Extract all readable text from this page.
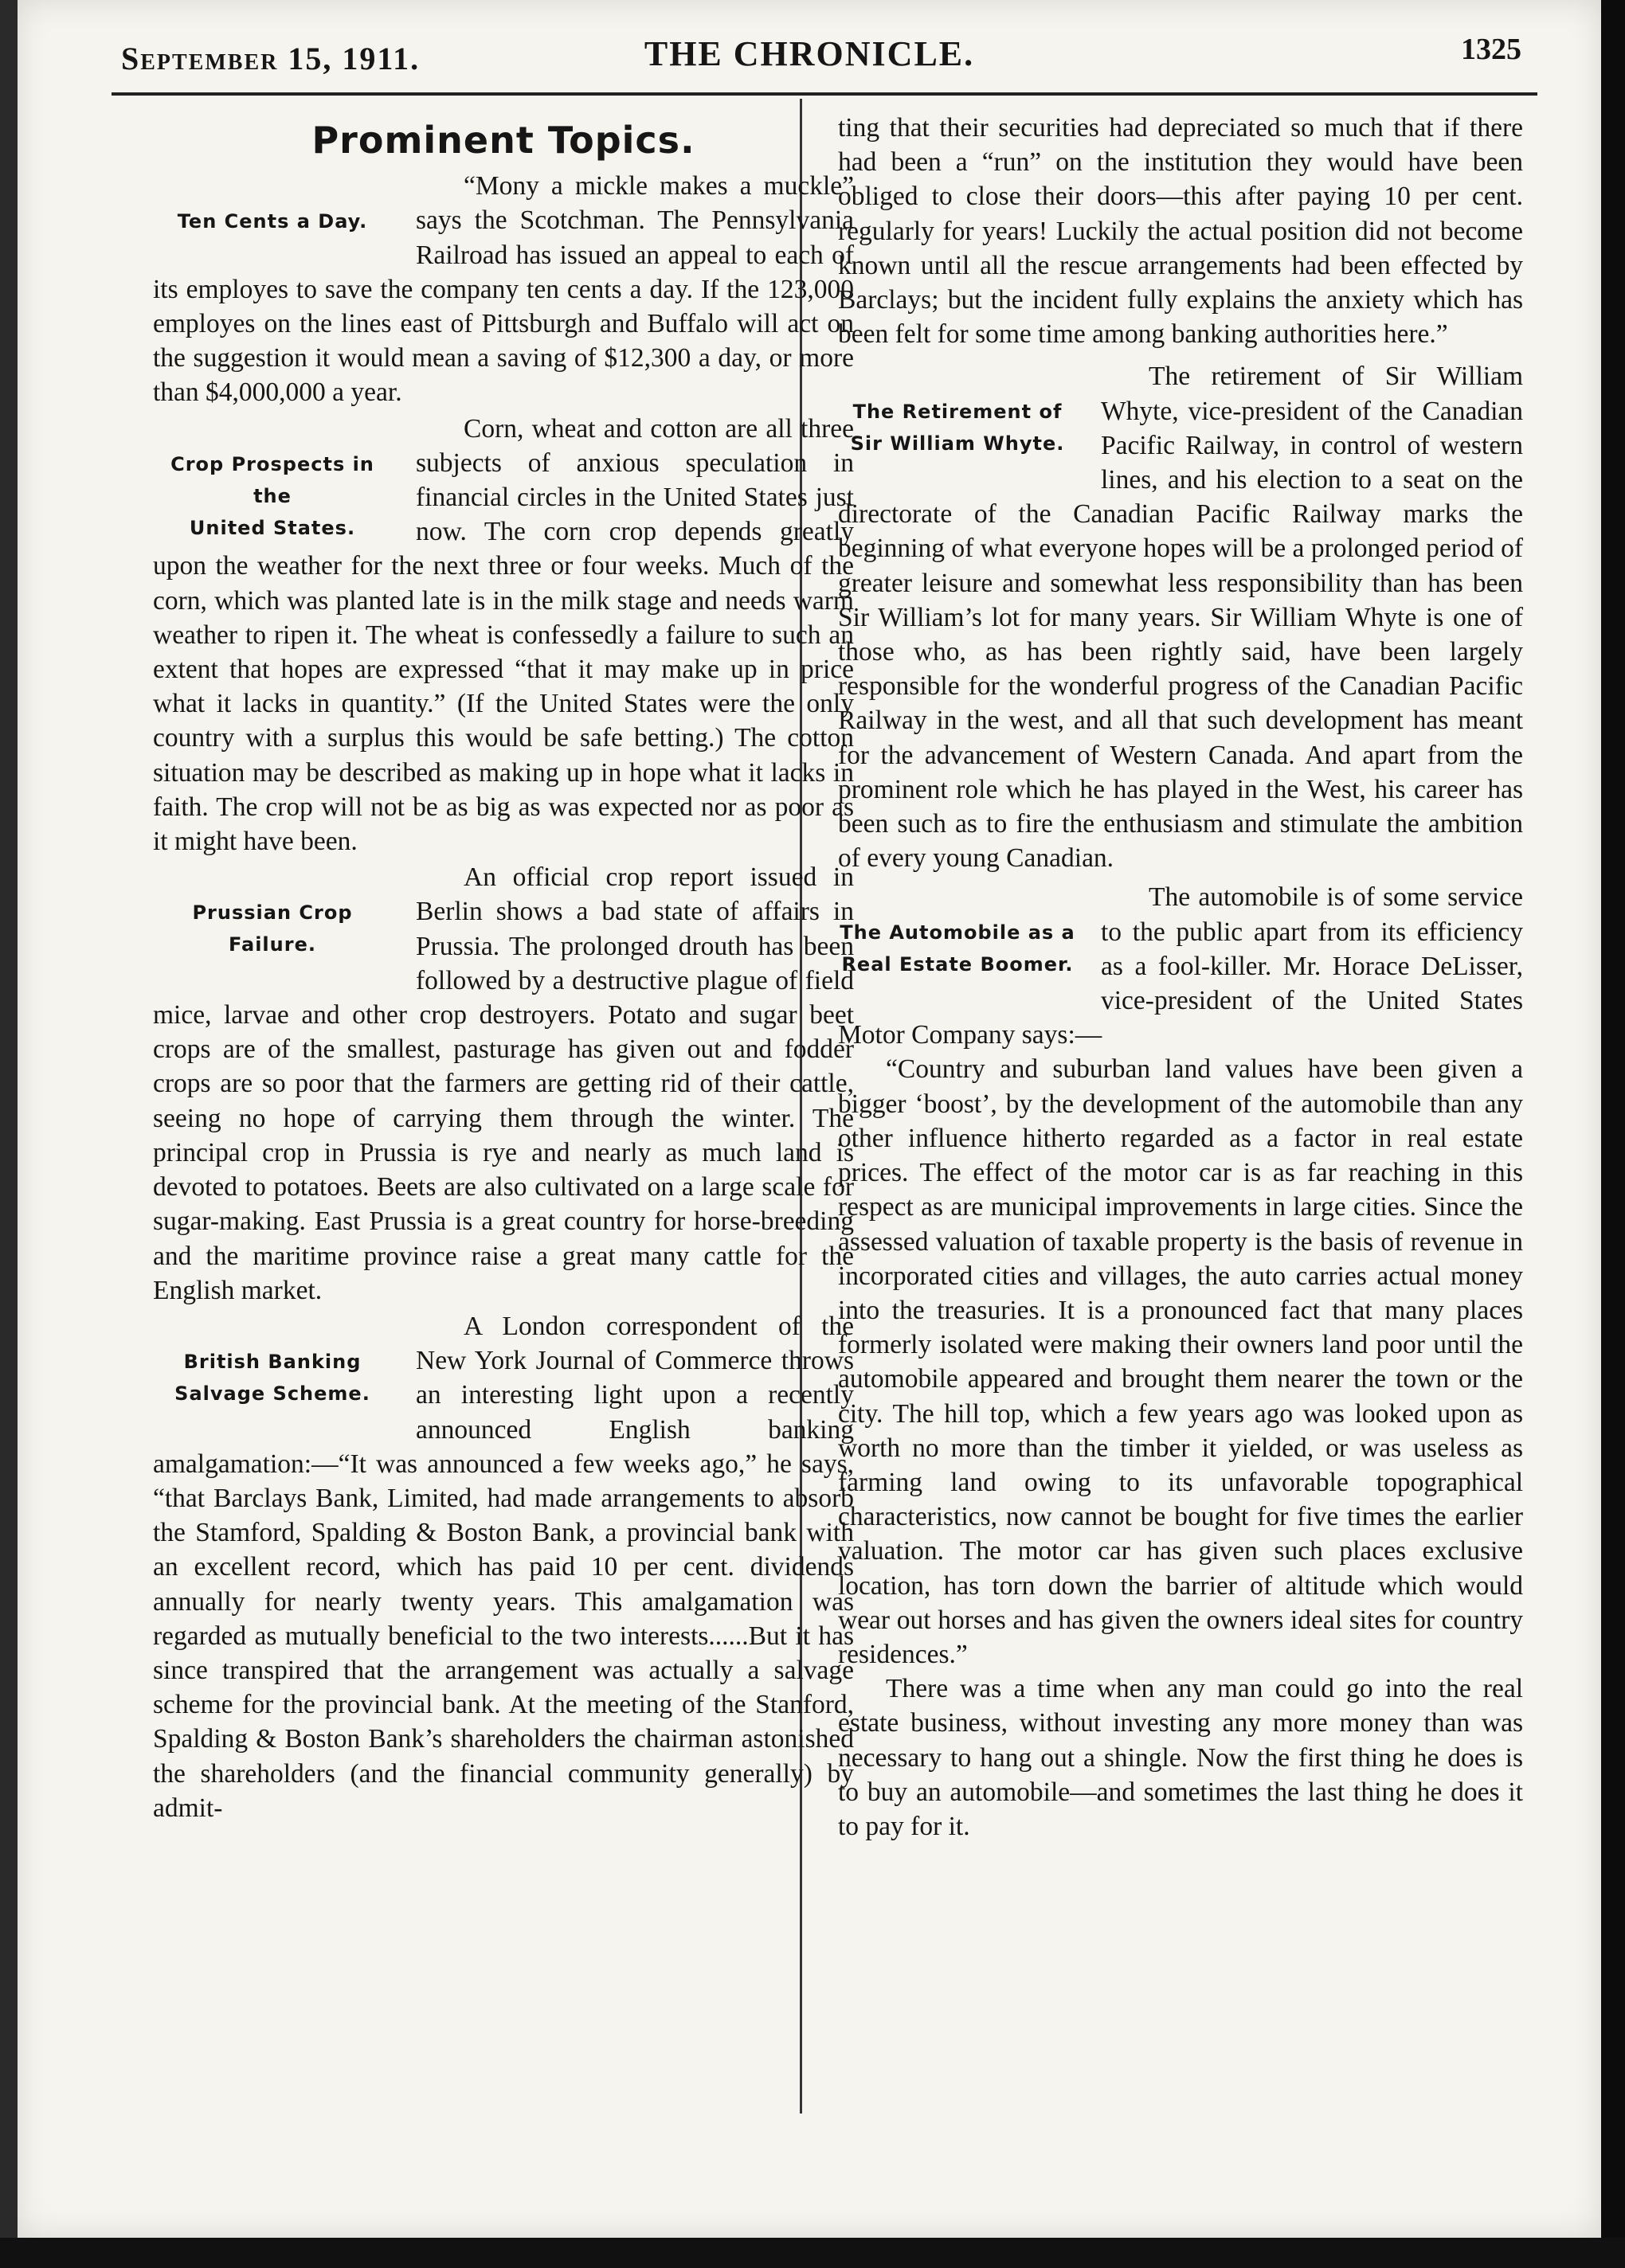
September 15, 1911.	THE CHRONICLE.	1325
Prominent Topics.
Ten Cents a Day.

“Mony a mickle makes a muckle” says the Scotchman. The Pennsylvania Railroad has issued an appeal to each of its employes to save the company ten cents a day. If the 123,000 employes on the lines east of Pittsburgh and Buffalo will act on the suggestion it would mean a saving of $12,300 a day, or more than $4,000,000 a year.

Crop Prospects in the
United States.

Corn, wheat and cotton are all three subjects of anxious speculation in financial circles in the United States just now. The corn crop depends greatly upon the weather for the next three or four weeks. Much of the corn, which was planted late is in the milk stage and needs warm weather to ripen it. The wheat is confessedly a failure to such an extent that hopes are expressed “that it may make up in price what it lacks in quantity.” (If the United States were the only country with a surplus this would be safe betting.) The cotton situation may be described as making up in hope what it lacks in faith. The crop will not be as big as was expected nor as poor as it might have been.

Prussian Crop
Failure.

An official crop report issued in Berlin shows a bad state of affairs in Prussia. The prolonged drouth has been followed by a destructive plague of field mice, larvae and other crop destroyers. Potato and sugar beet crops are of the smallest, pasturage has given out and fodder crops are so poor that the farmers are getting rid of their cattle, seeing no hope of carrying them through the winter. The principal crop in Prussia is rye and nearly as much land is devoted to potatoes. Beets are also cultivated on a large scale for sugar-making. East Prussia is a great country for horse-breeding and the maritime province raise a great many cattle for the English market.

British Banking
Salvage Scheme.

A London correspondent of the New York Journal of Commerce throws an interesting light upon a recently announced English banking amalgamation:—“It was announced a few weeks ago,” he says, “that Barclays Bank, Limited, had made arrangements to absorb the Stamford, Spalding & Boston Bank, a provincial bank with an excellent record, which has paid 10 per cent. dividends annually for nearly twenty years. This amalgamation was regarded as mutually beneficial to the two interests......But it has since transpired that the arrangement was actually a salvage scheme for the provincial bank. At the meeting of the Stanford, Spalding & Boston Bank’s shareholders the chairman astonished the shareholders (and the financial community generally) by admit-

ting that their securities had depreciated so much that if there had been a “run” on the institution they would have been obliged to close their doors—this after paying 10 per cent. regularly for years! Luckily the actual position did not become known until all the rescue arrangements had been effected by Barclays; but the incident fully explains the anxiety which has been felt for some time among banking authorities here.”

The Retirement of
Sir William Whyte.

The retirement of Sir William Whyte, vice-president of the Canadian Pacific Railway, in control of western lines, and his election to a seat on the directorate of the Canadian Pacific Railway marks the beginning of what everyone hopes will be a prolonged period of greater leisure and somewhat less responsibility than has been Sir William’s lot for many years. Sir William Whyte is one of those who, as has been rightly said, have been largely responsible for the wonderful progress of the Canadian Pacific Railway in the west, and all that such development has meant for the advancement of Western Canada. And apart from the prominent role which he has played in the West, his career has been such as to fire the enthusiasm and stimulate the ambition of every young Canadian.

The Automobile as a
Real Estate Boomer.

The automobile is of some service to the public apart from its efficiency as a fool-killer. Mr. Horace DeLisser, vice-president of the United States Motor Company says:—

“Country and suburban land values have been given a bigger ‘boost’, by the development of the automobile than any other influence hitherto regarded as a factor in real estate prices. The effect of the motor car is as far reaching in this respect as are municipal improvements in large cities. Since the assessed valuation of taxable property is the basis of revenue in incorporated cities and villages, the auto carries actual money into the treasuries. It is a pronounced fact that many places formerly isolated were making their owners land poor until the automobile appeared and brought them nearer the town or the city. The hill top, which a few years ago was looked upon as worth no more than the timber it yielded, or was useless as farming land owing to its unfavorable topographical characteristics, now cannot be bought for five times the earlier valuation. The motor car has given such places exclusive location, has torn down the barrier of altitude which would wear out horses and has given the owners ideal sites for country residences.”

There was a time when any man could go into the real estate business, without investing any more money than was necessary to hang out a shingle. Now the first thing he does is to buy an automobile—and sometimes the last thing he does it to pay for it.
